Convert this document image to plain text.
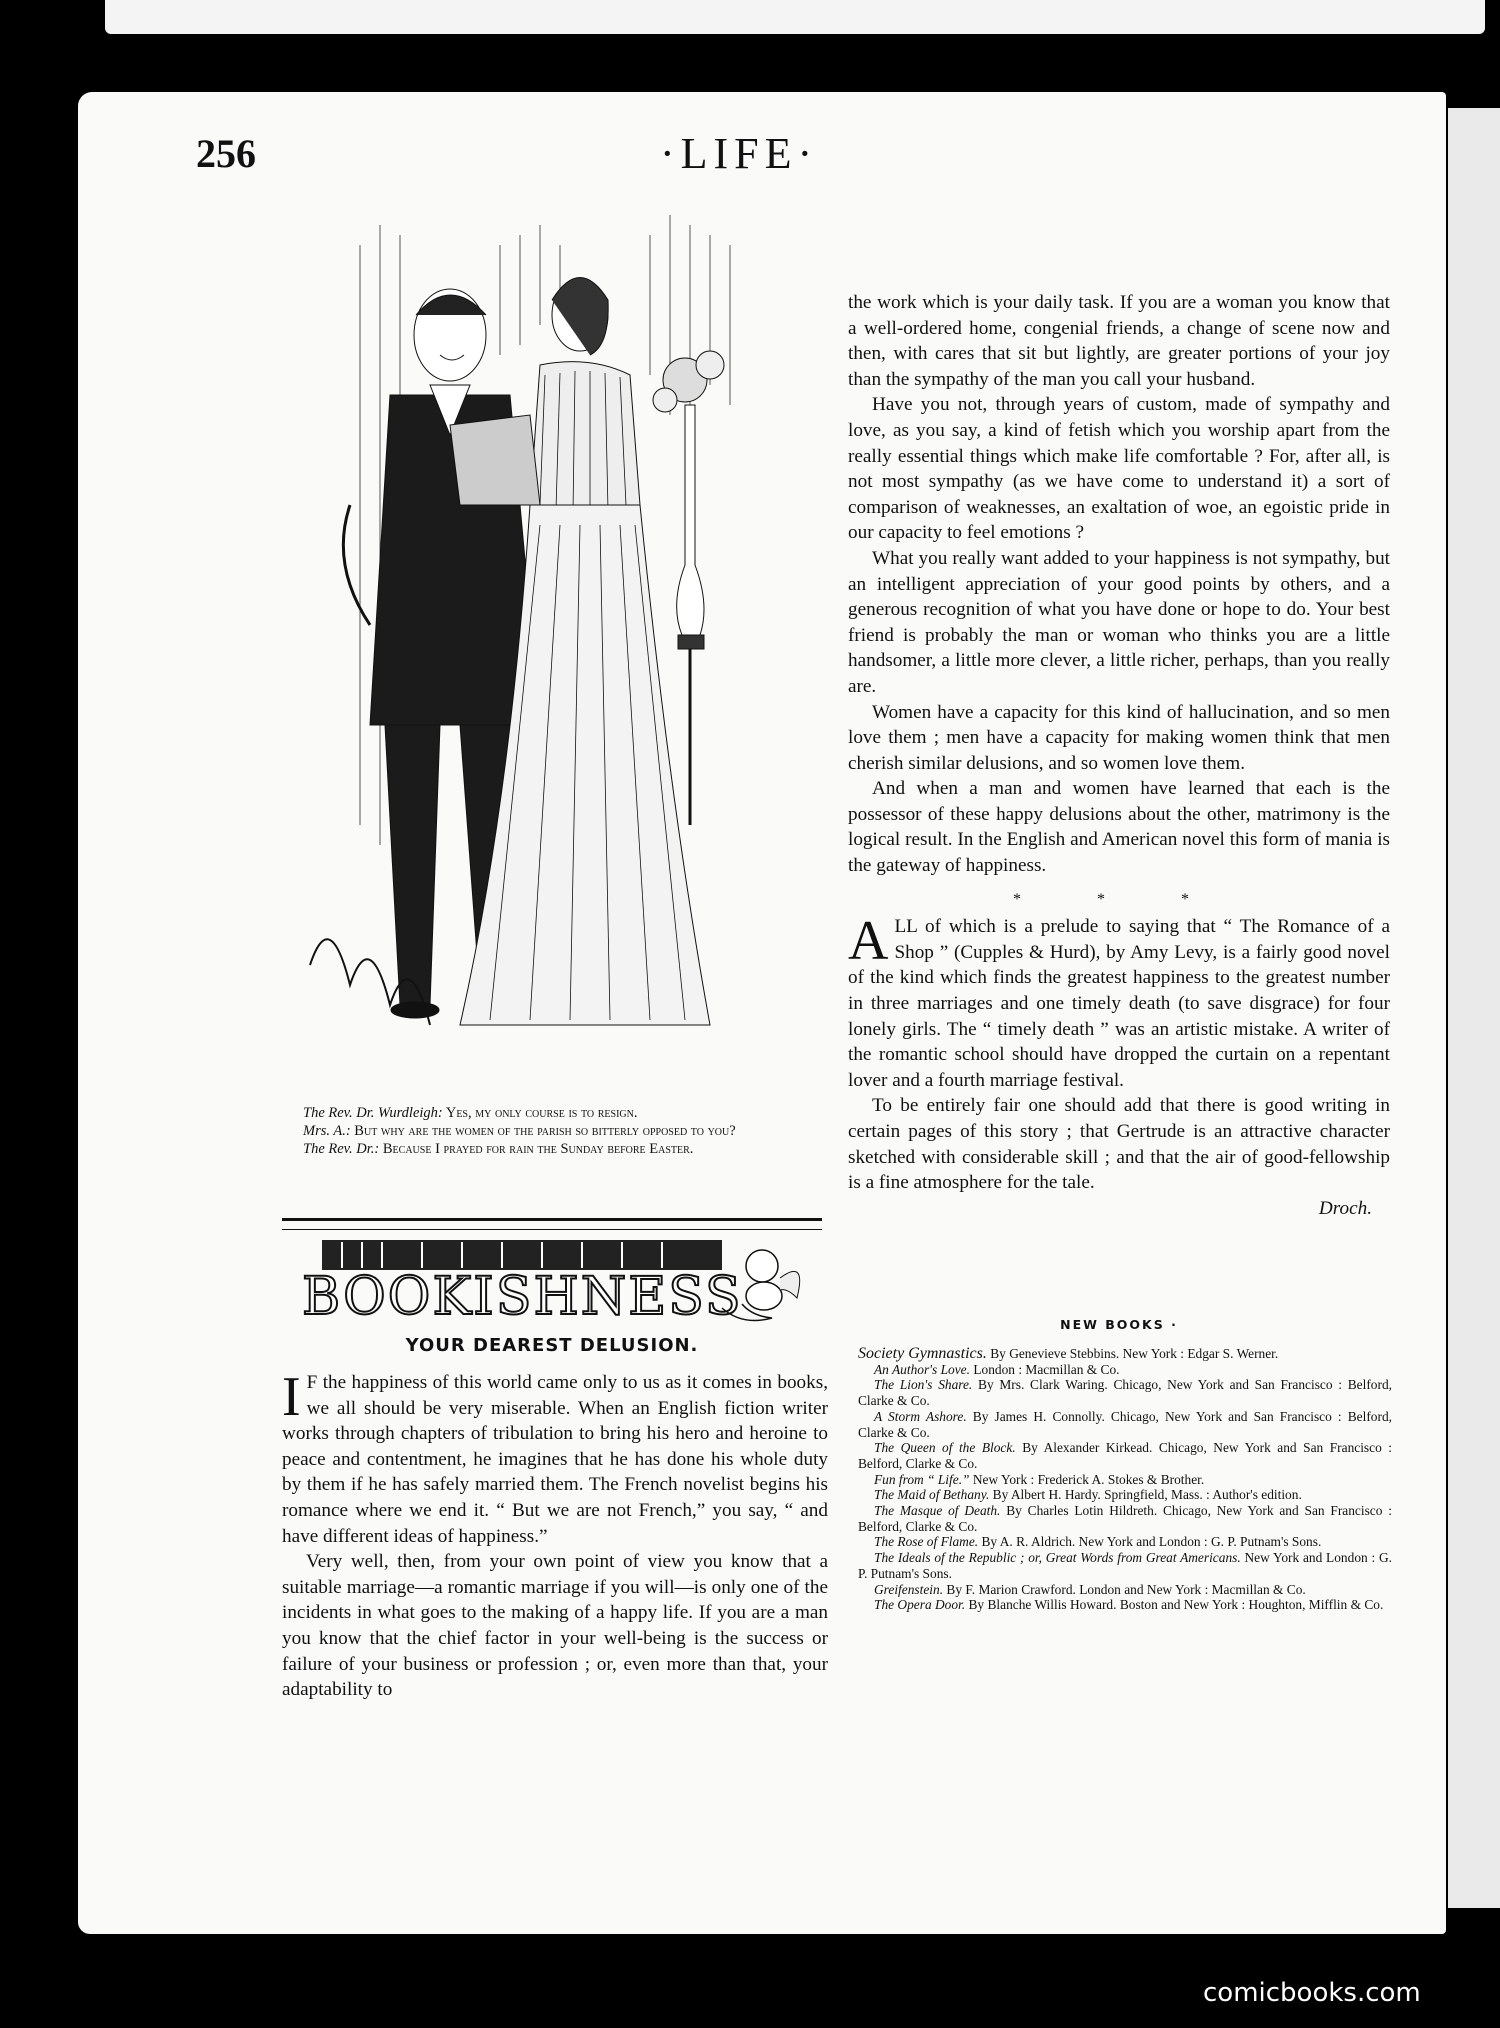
256	·LIFE·
The Rev. Dr. Wurdleigh: Yes, my only course is to resign.
Mrs. A.: But why are the women of the parish so bitterly opposed to you?
The Rev. Dr.: Because I prayed for rain the Sunday before Easter.
BOOKISHNESS
YOUR DEAREST DELUSION.

I F the happiness of this world came only to us as it comes in books, we all should be very miserable. When an English fiction writer works through chapters of tribulation to bring his hero and heroine to peace and contentment, he imagines that he has done his whole duty by them if he has safely married them. The French novelist begins his romance where we end it. “ But we are not French,” you say, “ and have different ideas of happiness.”

Very well, then, from your own point of view you know that a suitable marriage—a romantic marriage if you will—is only one of the incidents in what goes to the making of a happy life. If you are a man you know that the chief factor in your well-being is the success or failure of your business or profession ; or, even more than that, your adaptability to

the work which is your daily task. If you are a woman you know that a well-ordered home, congenial friends, a change of scene now and then, with cares that sit but lightly, are greater portions of your joy than the sympathy of the man you call your husband.

Have you not, through years of custom, made of sympathy and love, as you say, a kind of fetish which you worship apart from the really essential things which make life comfortable ? For, after all, is not most sympathy (as we have come to understand it) a sort of comparison of weaknesses, an exaltation of woe, an egoistic pride in our capacity to feel emotions ?

What you really want added to your happiness is not sympathy, but an intelligent appreciation of your good points by others, and a generous recognition of what you have done or hope to do. Your best friend is probably the man or woman who thinks you are a little handsomer, a little more clever, a little richer, perhaps, than you really are.

Women have a capacity for this kind of hallucination, and so men love them ; men have a capacity for making women think that men cherish similar delusions, and so women love them.

And when a man and women have learned that each is the possessor of these happy delusions about the other, matrimony is the logical result. In the English and American novel this form of mania is the gateway of happiness.

* * *

ALL of which is a prelude to saying that “ The Romance of a Shop ” (Cupples & Hurd), by Amy Levy, is a fairly good novel of the kind which finds the greatest happiness to the greatest number in three marriages and one timely death (to save disgrace) for four lonely girls. The “ timely death ” was an artistic mistake. A writer of the romantic school should have dropped the curtain on a repentant lover and a fourth marriage festival.

To be entirely fair one should add that there is good writing in certain pages of this story ; that Gertrude is an attractive character sketched with considerable skill ; and that the air of good-fellowship is a fine atmosphere for the tale.

Droch.
NEW BOOKS ·
Society Gymnastics. By Genevieve Stebbins. New York : Edgar S. Werner.
An Author's Love. London : Macmillan & Co.
The Lion's Share. By Mrs. Clark Waring. Chicago, New York and San Francisco : Belford, Clarke & Co.
A Storm Ashore. By James H. Connolly. Chicago, New York and San Francisco : Belford, Clarke & Co.
The Queen of the Block. By Alexander Kirkead. Chicago, New York and San Francisco : Belford, Clarke & Co.
Fun from “ Life.” New York : Frederick A. Stokes & Brother.
The Maid of Bethany. By Albert H. Hardy. Springfield, Mass. : Author's edition.
The Masque of Death. By Charles Lotin Hildreth. Chicago, New York and San Francisco : Belford, Clarke & Co.
The Rose of Flame. By A. R. Aldrich. New York and London : G. P. Putnam's Sons.
The Ideals of the Republic ; or, Great Words from Great Americans. New York and London : G. P. Putnam's Sons.
Greifenstein. By F. Marion Crawford. London and New York : Macmillan & Co.
The Opera Door. By Blanche Willis Howard. Boston and New York : Houghton, Mifflin & Co.
comicbooks.com
